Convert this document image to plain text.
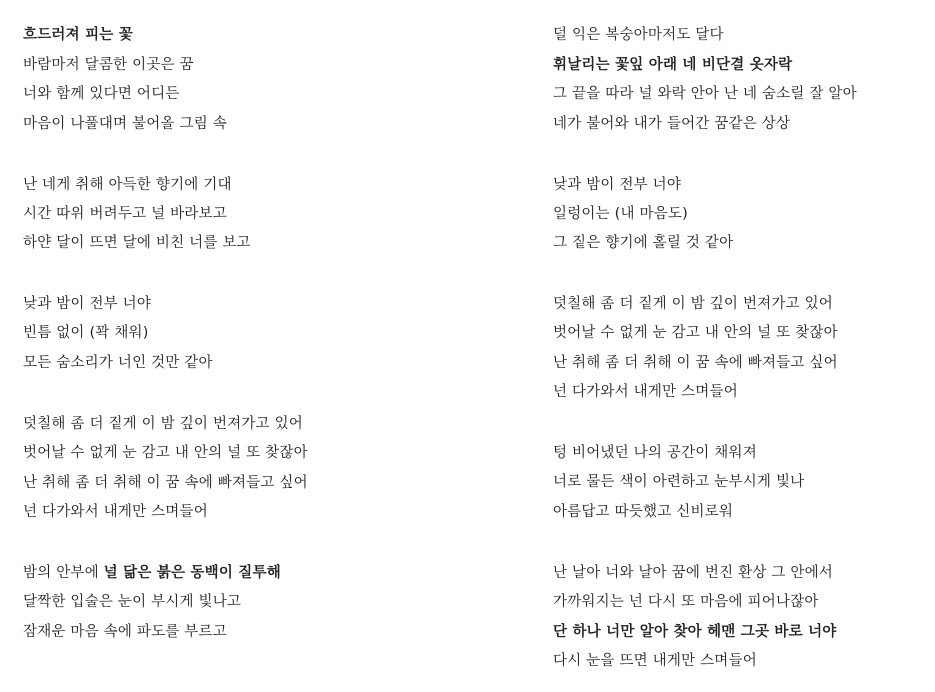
흐드러져 피는 꽃

바람마저 달콤한 이곳은 꿈

너와 함께 있다면 어디든

마음이 나풀대며 불어올 그림 속

난 네게 취해 아득한 향기에 기대

시간 따위 버려두고 널 바라보고

하얀 달이 뜨면 달에 비친 너를 보고

낮과 밤이 전부 너야

빈틈 없이 (꽉 채워)

모든 숨소리가 너인 것만 같아

덧칠해 좀 더 짙게 이 밤 깊이 번져가고 있어

벗어날 수 없게 눈 감고 내 안의 널 또 찾잖아

난 취해 좀 더 취해 이 꿈 속에 빠져들고 싶어

넌 다가와서 내게만 스며들어

밤의 안부에 널 닮은 붉은 동백이 질투해

달짝한 입술은 눈이 부시게 빛나고

잠재운 마음 속에 파도를 부르고

덜 익은 복숭아마저도 달다

휘날리는 꽃잎 아래 네 비단결 옷자락

그 끝을 따라 널 와락 안아 난 네 숨소릴 잘 알아

네가 불어와 내가 들어간 꿈같은 상상

낮과 밤이 전부 너야

일렁이는 (내 마음도)

그 짙은 향기에 홀릴 것 같아

덧칠해 좀 더 짙게 이 밤 깊이 번져가고 있어

벗어날 수 없게 눈 감고 내 안의 널 또 찾잖아

난 취해 좀 더 취해 이 꿈 속에 빠져들고 싶어

넌 다가와서 내게만 스며들어

텅 비어냈던 나의 공간이 채워져

너로 물든 색이 아련하고 눈부시게 빛나

아름답고 따듯했고 신비로워

난 날아 너와 날아 꿈에 번진 환상 그 안에서

가까워지는 넌 다시 또 마음에 피어나잖아

단 하나 너만 알아 찾아 헤맨 그곳 바로 너야

다시 눈을 뜨면 내게만 스며들어
